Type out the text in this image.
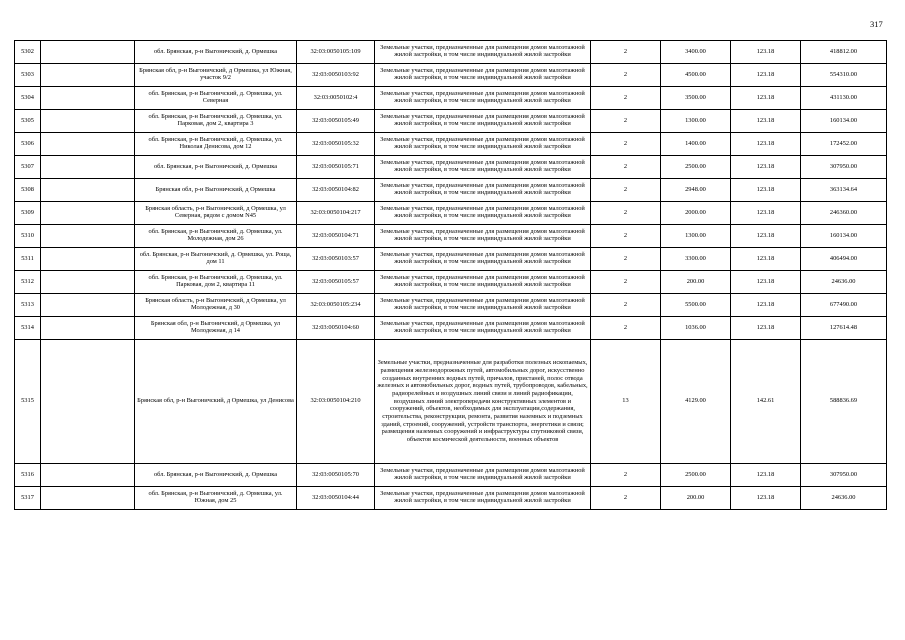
317
5302		обл. Брянская, р-н Выгоничский, д. Ормешка	32:03:0050105:109	Земельные участки, предназначенные для размещения домов малоэтажной жилой застройки, в том числе индивидуальной жилой застройки	2	3400.00	123.18	418812.00
5303		Брянская обл, р-н Выгоничский, д Ормешка, ул Южная, участок 9/2	32:03:0050103:92	Земельные участки, предназначенные для размещения домов малоэтажной жилой застройки, в том числе индивидуальной жилой застройки	2	4500.00	123.18	554310.00
5304		обл. Брянская, р-н Выгоничский, д. Ормешка, ул. Северная	32:03:0050102:4	Земельные участки, предназначенные для размещения домов малоэтажной жилой застройки, в том числе индивидуальной жилой застройки	2	3500.00	123.18	431130.00
5305		обл. Брянская, р-н Выгоничский, д. Ормешка, ул. Парковая, дом 2, квартира 3	32:03:0050105:49	Земельные участки, предназначенные для размещения домов малоэтажной жилой застройки, в том числе индивидуальной жилой застройки	2	1300.00	123.18	160134.00
5306		обл. Брянская, р-н Выгоничский, д. Ормешка, ул. Николая Денисова, дом 12	32:03:0050105:32	Земельные участки, предназначенные для размещения домов малоэтажной жилой застройки, в том числе индивидуальной жилой застройки	2	1400.00	123.18	172452.00
5307		обл. Брянская, р-н Выгоничский, д. Ормешка	32:03:0050105:71	Земельные участки, предназначенные для размещения домов малоэтажной жилой застройки, в том числе индивидуальной жилой застройки	2	2500.00	123.18	307950.00
5308		Брянская обл, р-н Выгоничский, д Ормешка	32:03:0050104:82	Земельные участки, предназначенные для размещения домов малоэтажной жилой застройки, в том числе индивидуальной жилой застройки	2	2948.00	123.18	363134.64
5309		Брянская область, р-н Выгоничский, д Ормешка, ул Северная, рядом с домом N45	32:03:0050104:217	Земельные участки, предназначенные для размещения домов малоэтажной жилой застройки, в том числе индивидуальной жилой застройки	2	2000.00	123.18	246360.00
5310		обл. Брянская, р-н Выгоничский, д. Ормешка, ул. Молодежная, дом 26	32:03:0050104:71	Земельные участки, предназначенные для размещения домов малоэтажной жилой застройки, в том числе индивидуальной жилой застройки	2	1300.00	123.18	160134.00
5311		обл. Брянская, р-н Выгоничский, д. Ормешка, ул. Роща, дом 11	32:03:0050103:57	Земельные участки, предназначенные для размещения домов малоэтажной жилой застройки, в том числе индивидуальной жилой застройки	2	3300.00	123.18	406494.00
5312		обл. Брянская, р-н Выгоничский, д. Ормешка, ул. Парковая, дом 2, квартира 11	32:03:0050105:57	Земельные участки, предназначенные для размещения домов малоэтажной жилой застройки, в том числе индивидуальной жилой застройки	2	200.00	123.18	24636.00
5313		Брянская область, р-н Выгоничский, д Ормешка, ул Молодежная, д 30	32:03:0050105:234	Земельные участки, предназначенные для размещения домов малоэтажной жилой застройки, в том числе индивидуальной жилой застройки	2	5500.00	123.18	677490.00
5314		Брянская обл, р-н Выгоничский, д Ормешка, ул Молодежная, д 14	32:03:0050104:60	Земельные участки, предназначенные для размещения домов малоэтажной жилой застройки, в том числе индивидуальной жилой застройки	2	1036.00	123.18	127614.48
5315		Брянская обл, р-н Выгоничский, д Ормешка, ул Денисова	32:03:0050104:210	Земельные участки, предназначенные для разработки полезных ископаемых, размещения железнодорожных путей, автомобильных дорог, искусственно созданных внутренних водных путей, причалов, пристаней, полос отвода железных и автомобильных дорог, водных путей, трубопроводов, кабельных, радиорелейных и воздушных линий связи и линий радиофикации, воздушных линий электропередачи конструктивных элементов и сооружений, объектов, необходимых для эксплуатации,содержания, строительства, реконструкции, ремонта, развития наземных и подземных зданий, строений, сооружений, устройств транспорта, энергетики и связи; размещения наземных сооружений и инфраструктуры спутниковой связи, объектов космической деятельности, военных объектов	13	4129.00	142.61	588836.69
5316		обл. Брянская, р-н Выгоничский, д. Ормешка	32:03:0050105:70	Земельные участки, предназначенные для размещения домов малоэтажной жилой застройки, в том числе индивидуальной жилой застройки	2	2500.00	123.18	307950.00
5317		обл. Брянская, р-н Выгоничский, д. Ормешка, ул. Южная, дом 25	32:03:0050104:44	Земельные участки, предназначенные для размещения домов малоэтажной жилой застройки, в том числе индивидуальной жилой застройки	2	200.00	123.18	24636.00
